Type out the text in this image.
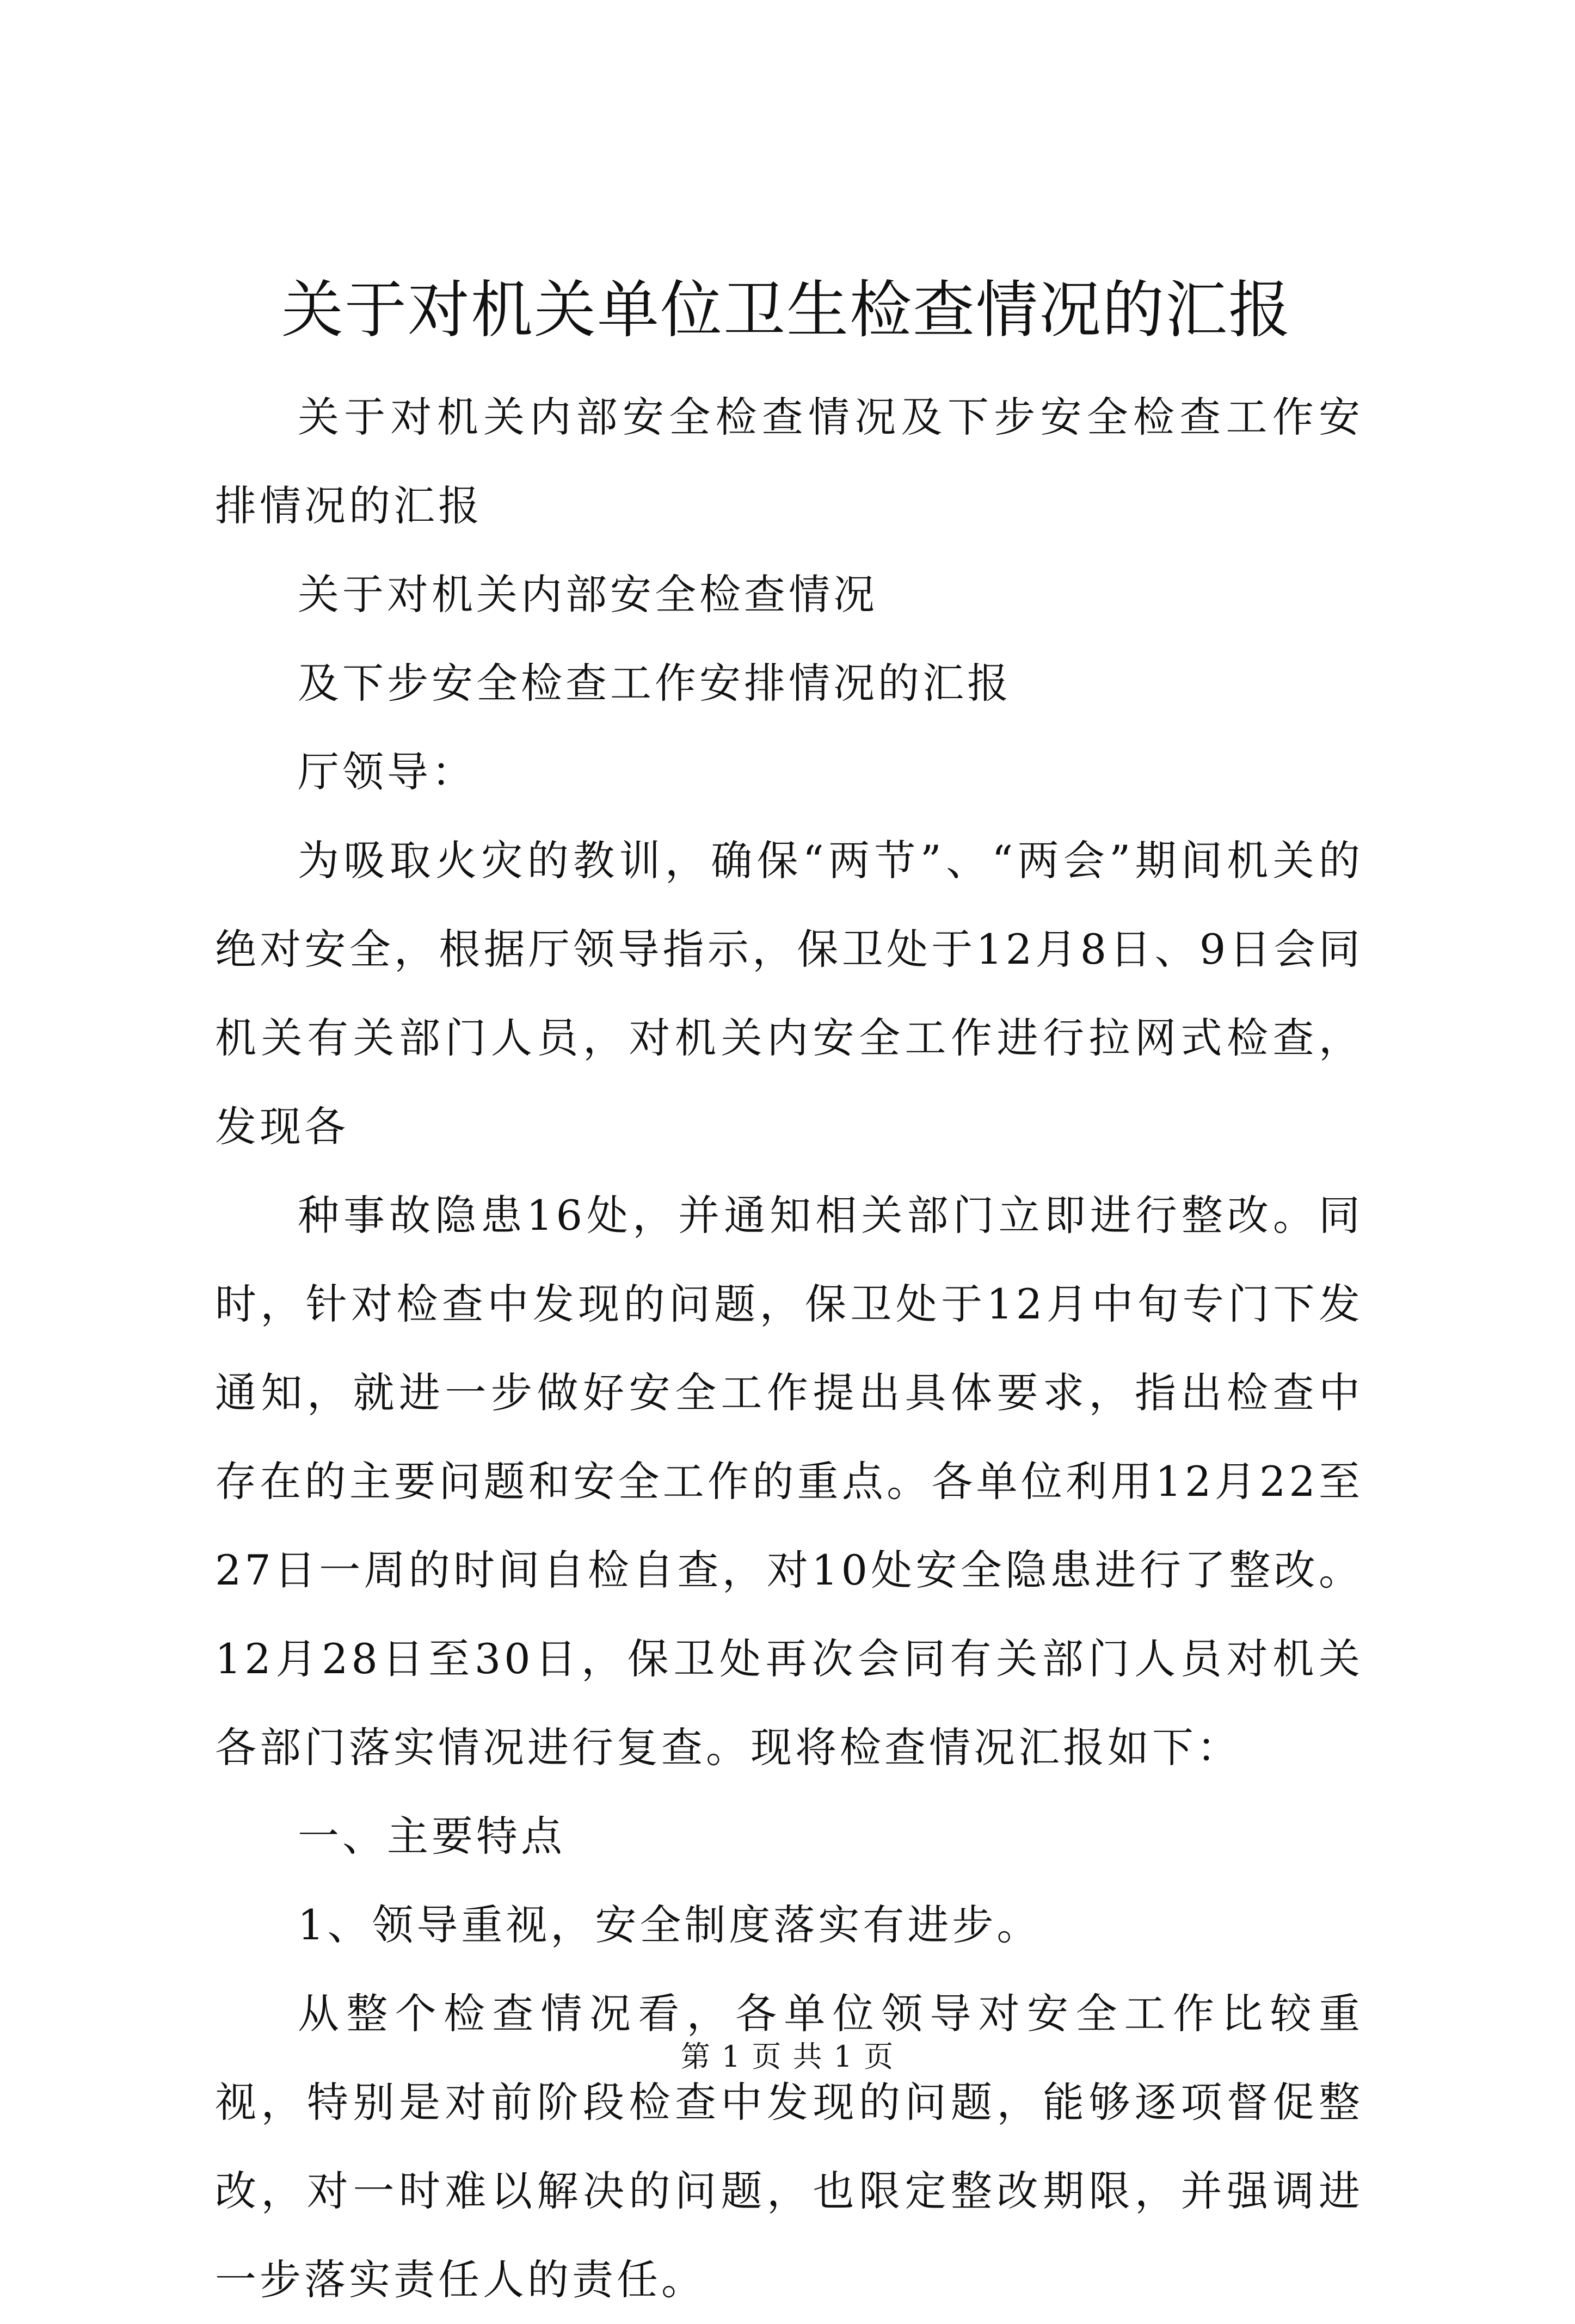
关于对机关单位卫生检查情况的汇报

关于对机关内部安全检查情况及下步安全检查工作安排情况的汇报

关于对机关内部安全检查情况

及下步安全检查工作安排情况的汇报

厅领导：

为吸取火灾的教训，确保“两节”、“两会”期间机关的绝对安全，根据厅领导指示，保卫处于12月8日、9日会同机关有关部门人员，对机关内安全工作进行拉网式检查，发现各

种事故隐患16处，并通知相关部门立即进行整改。同时，针对检查中发现的问题，保卫处于12月中旬专门下发通知，就进一步做好安全工作提出具体要求，指出检查中存在的主要问题和安全工作的重点。各单位利用12月22至27日一周的时间自检自查，对10处安全隐患进行了整改。12月28日至30日，保卫处再次会同有关部门人员对机关各部门落实情况进行复查。现将检查情况汇报如下：

一、主要特点

1、领导重视，安全制度落实有进步。

从整个检查情况看，各单位领导对安全工作比较重视，特别是对前阶段检查中发现的问题，能够逐项督促整改，对一时难以解决的问题，也限定整改期限，并强调进一步落实责任人的责任。

第 1 页 共 1 页
